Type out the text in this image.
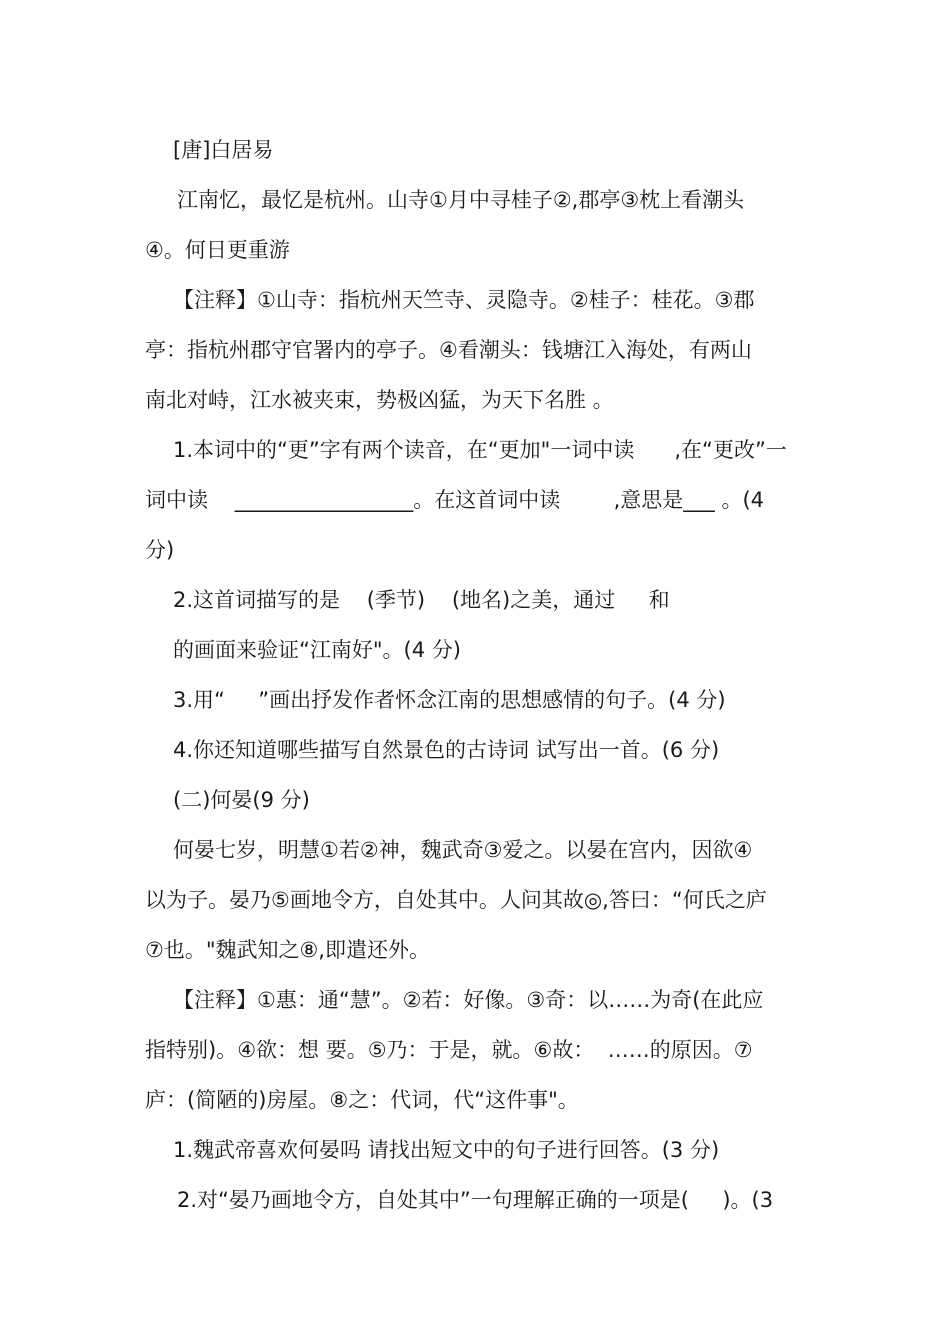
[唐]白居易
江南忆，最忆是杭州。山寺①月中寻桂子②,郡亭③枕上看潮头
④。何日更重游
【注释】①山寺：指杭州天竺寺、灵隐寺。②桂子：桂花。③郡
亭：指杭州郡守官署内的亭子。④看潮头：钱塘江入海处，有两山
南北对峙，江水被夹束，势极凶猛，为天下名胜 。
1.本词中的“更”字有两个读音，在“更加"一词中读      ,在“更改”一
词中读    _________________。在这首词中读        ,意思是___ 。(4
分)
2.这首词描写的是    (季节)    (地名)之美，通过     和
的画面来验证“江南好"。(4 分)
3.用“     ”画出抒发作者怀念江南的思想感情的句子。(4 分)
4.你还知道哪些描写自然景色的古诗词 试写出一首。(6 分)
(二)何晏(9 分)
何晏七岁，明慧①若②神，魏武奇③爱之。以晏在宫内，因欲④
以为子。晏乃⑤画地令方，自处其中。人问其故◎,答曰：“何氏之庐
⑦也。"魏武知之⑧,即遣还外。
【注释】①惠：通“慧”。②若：好像。③奇：以……为奇(在此应
指特别)。④欲：想 要。⑤乃：于是，就。⑥故：  ……的原因。⑦
庐：(简陋的)房屋。⑧之：代词，代“这件事"。
1.魏武帝喜欢何晏吗 请找出短文中的句子进行回答。(3 分)
2.对“晏乃画地令方，自处其中”一句理解正确的一项是(     )。(3
